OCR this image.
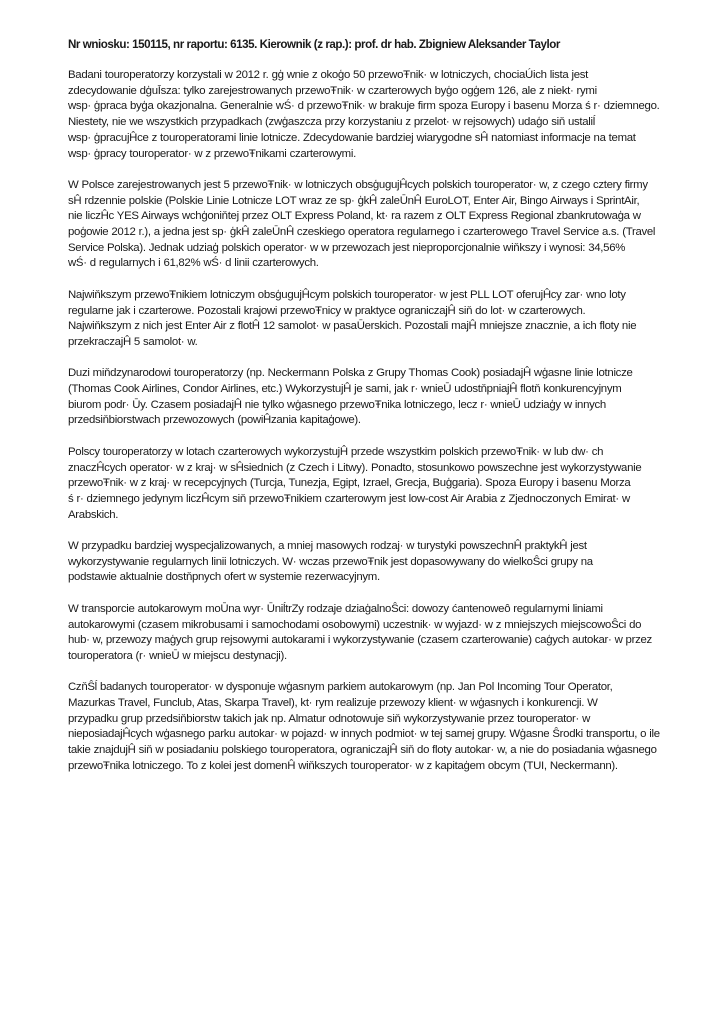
Nr wniosku: 150115, nr raportu: 6135. Kierownik (z rap.): prof. dr hab. Zbigniew Aleksander Taylor
Badani touroperatorzy korzystali w 2012 r. gģ wnie z okoģo 50 przewoŦnik· w lotniczych, chociaÚich lista jest
zdecydowanie dģuĪsza: tylko zarejestrowanych przewoŦnik· w czarterowych byģo ogģem 126, ale z niekt· rymi
wsp· ģpraca byģa okazjonalna. Generalnie wŚ· d przewoŦnik· w brakuje firm spoza Europy i basenu Morza ś r· dziemnego.
Niestety, nie we wszystkich przypadkach (zwģaszcza przy korzystaniu z przelot· w rejsowych) udaģo siň ustaliĺ
wsp· ģpracujĤce z touroperatorami linie lotnicze. Zdecydowanie bardziej wiarygodne sĤ natomiast informacje na temat
wsp· ģpracy touroperator· w z przewoŦnikami czarterowymi.
W Polsce zarejestrowanych jest 5 przewoŦnik· w lotniczych obsģugujĤcych polskich touroperator· w, z czego cztery firmy
sĤ rdzennie polskie (Polskie Linie Lotnicze LOT wraz ze sp· ģkĤ zaleŪnĤ EuroLOT, Enter Air, Bingo Airways i SprintAir,
nie liczĤc YES Airways wchģoniňtej przez OLT Express Poland, kt· ra razem z OLT Express Regional zbankrutowaģa w
poģowie 2012 r.), a jedna jest sp· ģkĤ zaleŪnĤ czeskiego operatora regularnego i czarterowego Travel Service a.s. (Travel
Service Polska). Jednak udziaģ polskich operator· w w przewozach jest nieproporcjonalnie wiňkszy i wynosi: 34,56%
wŚ· d regularnych i 61,82% wŚ· d linii czarterowych.
Najwiňkszym przewoŦnikiem lotniczym obsģugujĤcym polskich touroperator· w jest PLL LOT oferujĤcy zar· wno loty
regularne jak i czarterowe. Pozostali krajowi przewoŦnicy w praktyce ograniczajĤ siň do lot· w czarterowych.
Najwiňkszym z nich jest Enter Air z flotĤ 12 samolot· w pasaŪerskich. Pozostali majĤ mniejsze znacznie, a ich floty nie
przekraczajĤ 5 samolot· w.
Duzi miňdzynarodowi touroperatorzy (np. Neckermann Polska z Grupy Thomas Cook) posiadajĤ wģasne linie lotnicze
(Thomas Cook Airlines, Condor Airlines, etc.) WykorzystujĤ je sami, jak r· wnieŪ udostňpniajĤ flotň konkurencyjnym
biurom podr· Ūy. Czasem posiadajĤ nie tylko wģasnego przewoŦnika lotniczego, lecz r· wnieŪ udziaģy w innych
przedsiňbiorstwach przewozowych (powiĤzania kapitaģowe).
Polscy touroperatorzy w lotach czarterowych wykorzystujĤ przede wszystkim polskich przewoŦnik· w lub dw· ch
znaczĤcych operator· w z kraj· w sĤsiednich (z Czech i Litwy). Ponadto, stosunkowo powszechne jest wykorzystywanie
przewoŦnik· w z kraj· w recepcyjnych (Turcja, Tunezja, Egipt, Izrael, Grecja, Buģgaria). Spoza Europy i basenu Morza
ś r· dziemnego jedynym liczĤcym siň przewoŦnikiem czarterowym jest low-cost Air Arabia z Zjednoczonych Emirat· w
Arabskich.
W przypadku bardziej wyspecjalizowanych, a mniej masowych rodzaj· w turystyki powszechnĤ praktykĤ jest
wykorzystywanie regularnych linii lotniczych. W· wczas przewoŦnik jest dopasowywany do wielkoŜci grupy na
podstawie aktualnie dostňpnych ofert w systemie rezerwacyjnym.
W transporcie autokarowym moŪna wyr· ŪniĺtrZy rodzaje dziaģalnoŜci: dowozy ćantenoweô regularnymi liniami
autokarowymi (czasem mikrobusami i samochodami osobowymi) uczestnik· w wyjazd· w z mniejszych miejscowoŜci do
hub· w, przewozy maģych grup rejsowymi autokarami i wykorzystywanie (czasem czarterowanie) caģych autokar· w przez
touroperatora (r· wnieŪ w miejscu destynacji).
CzňŜĺ badanych touroperator· w dysponuje wģasnym parkiem autokarowym (np. Jan Pol Incoming Tour Operator,
Mazurkas Travel, Funclub, Atas, Skarpa Travel), kt· rym realizuje przewozy klient· w wģasnych i konkurencji. W
przypadku grup przedsiňbiorstw takich jak np. Almatur odnotowuje siň wykorzystywanie przez touroperator· w
nieposiadajĤcych wģasnego parku autokar· w pojazd· w innych podmiot· w tej samej grupy. Wģasne Ŝrodki transportu, o ile
takie znajdujĤ siň w posiadaniu polskiego touroperatora, ograniczajĤ siň do floty autokar· w, a nie do posiadania wģasnego
przewoŦnika lotniczego. To z kolei jest domenĤ wiňkszych touroperator· w z kapitaģem obcym (TUI, Neckermann).
